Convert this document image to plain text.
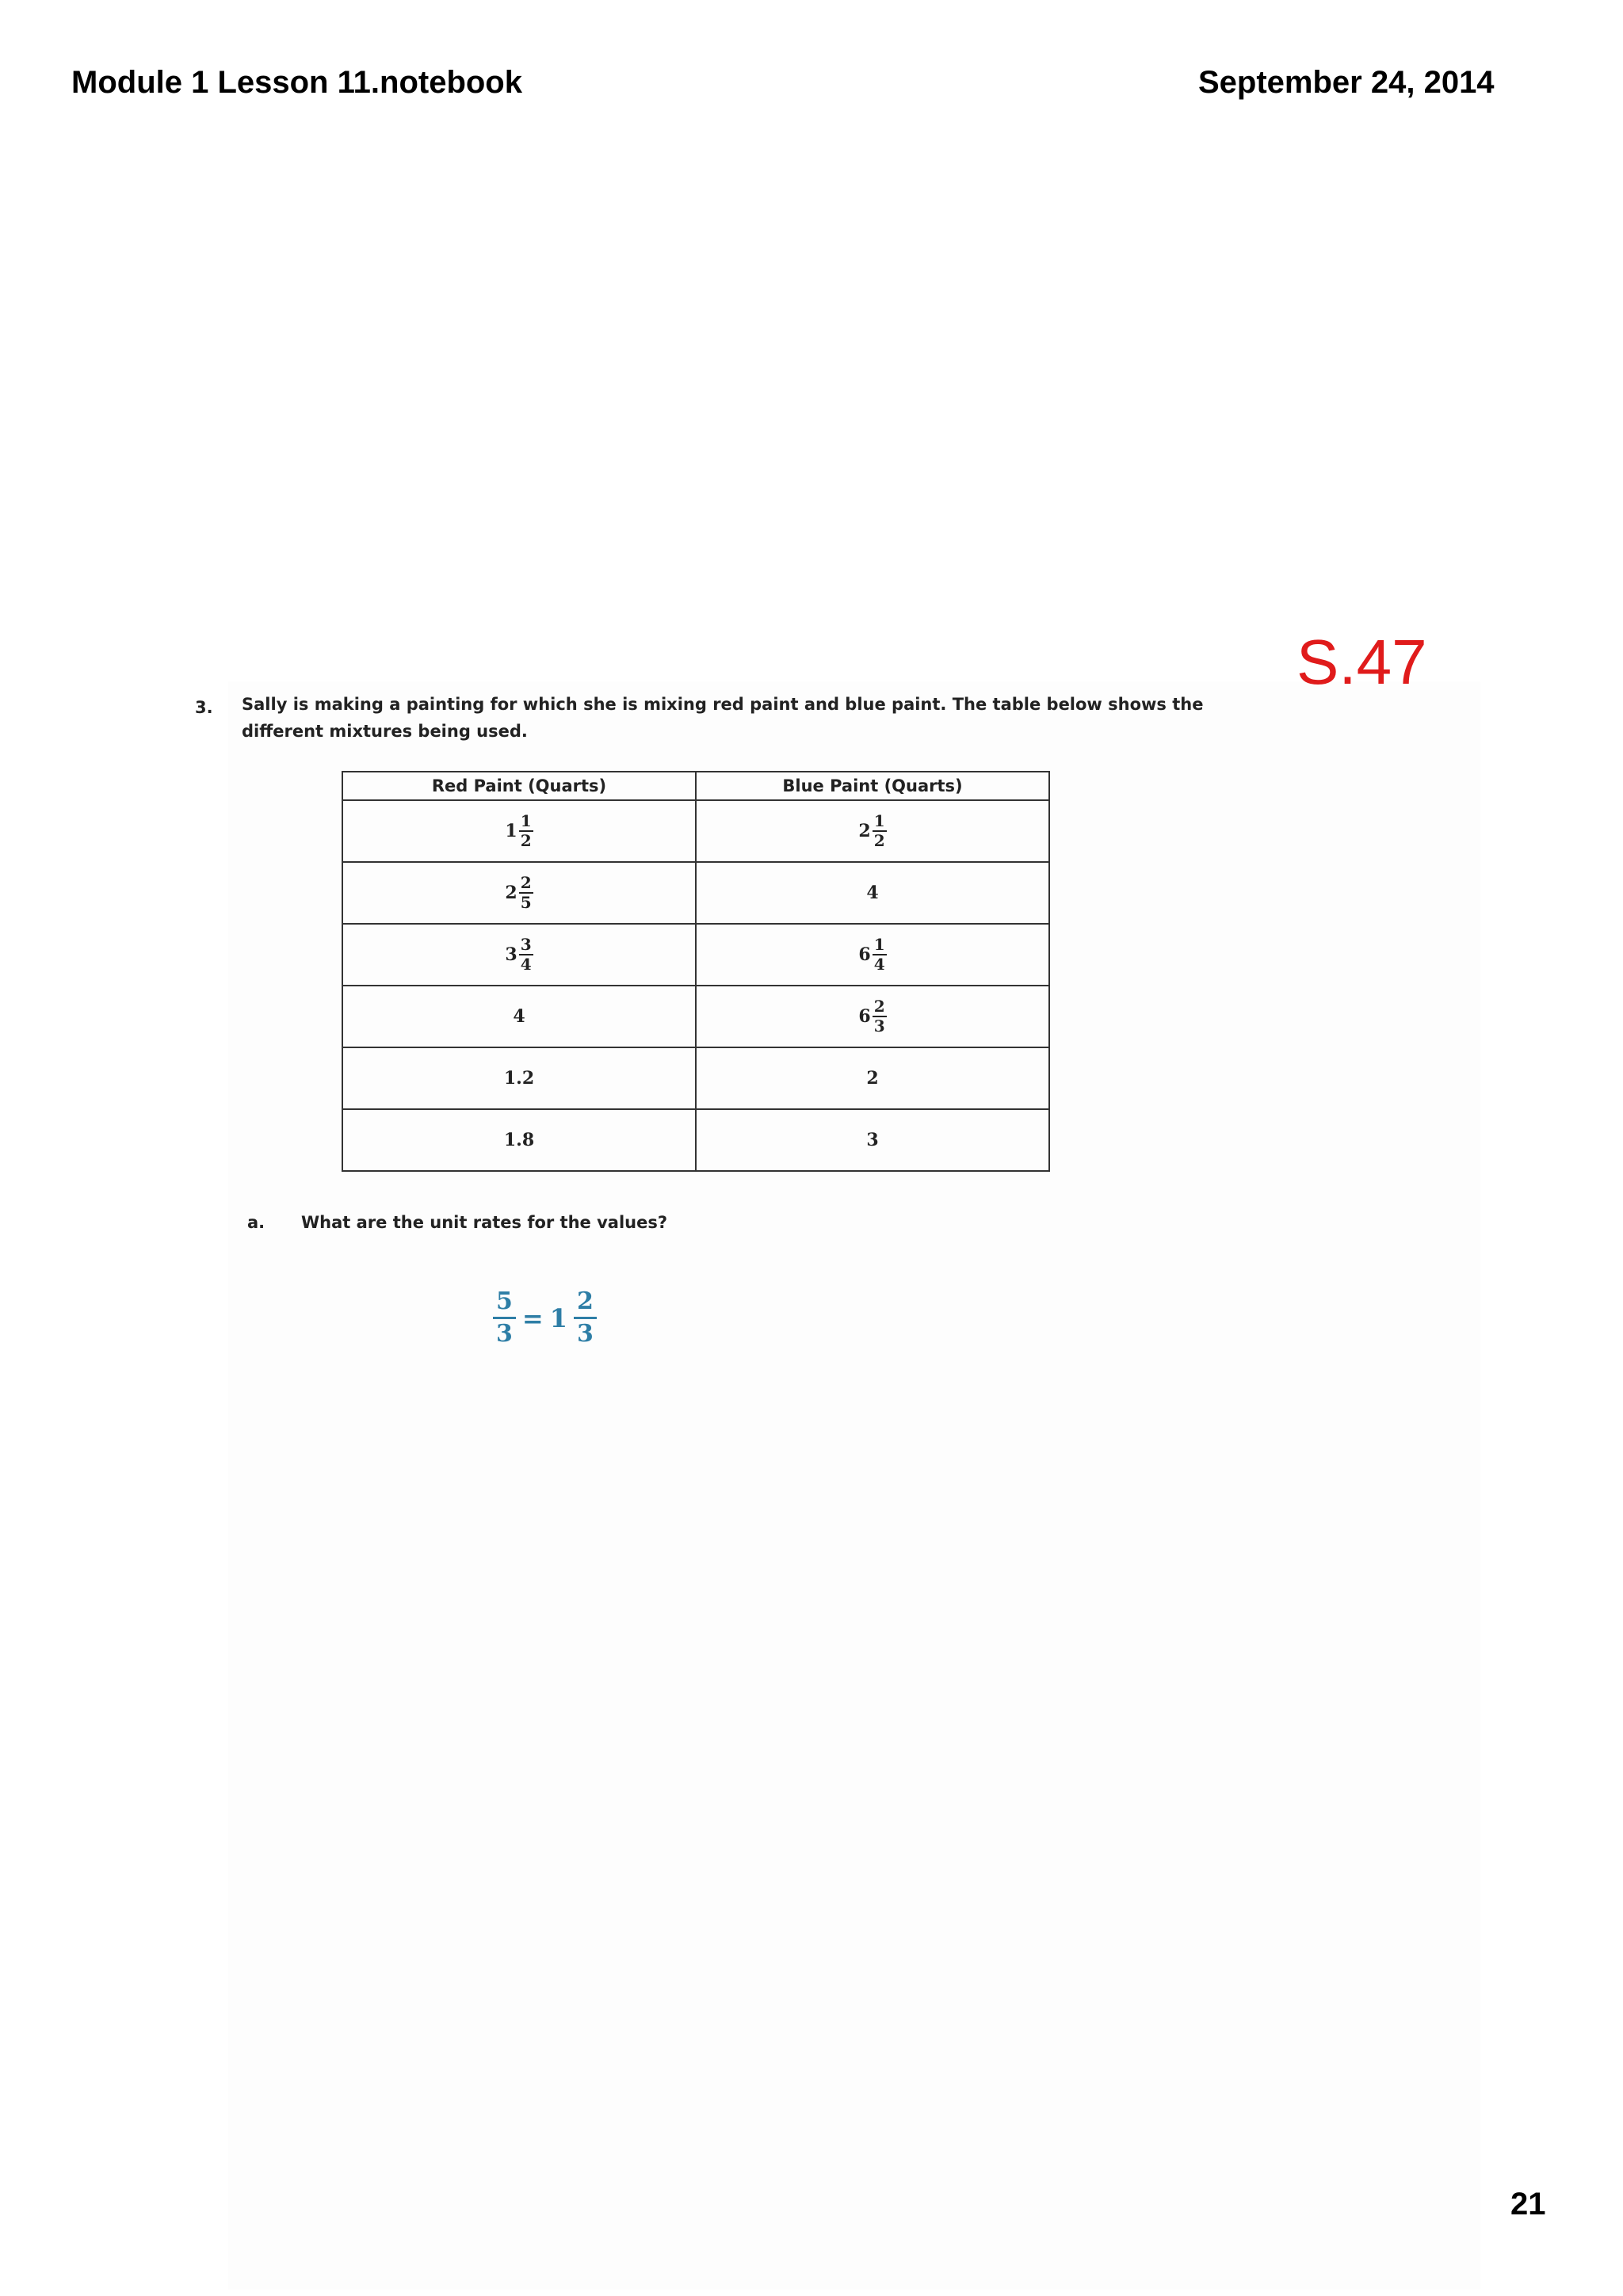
Module 1 Lesson 11.notebook	September 24, 2014
S.47
3. Sally is making a painting for which she is mixing red paint and blue paint. The table below shows the different mixtures being used.
Red Paint (Quarts)	Blue Paint (Quarts)

$1 \frac{1}{2}$	$2 \frac{1}{2}$

$2 \frac{2}{5}$	4

$3 \frac{3}{4}$	$6 \frac{1}{4}$

4	$6 \frac{2}{3}$

1.2	2
1.8	3
a. What are the unit rates for the values?
$\frac{5}{3} = 1 \frac{2}{3}$
21
